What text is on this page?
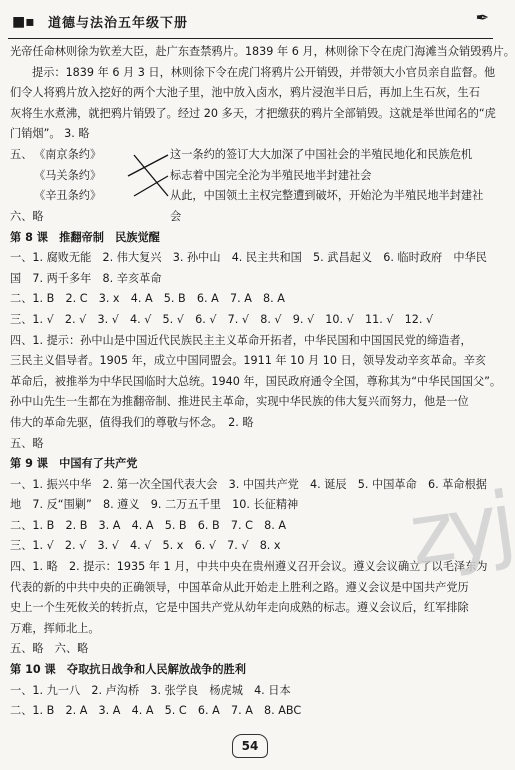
■▪ 道德与法治五年级下册	✒
光帝任命林则徐为钦差大臣，赴广东查禁鸦片。1839 年 6 月，林则徐下令在虎门海滩当众销毁鸦片。
提示：1839 年 6 月 3 日，林则徐下令在虎门将鸦片公开销毁，并带领大小官员亲自监督。他
们令人将鸦片放入挖好的两个大池子里，池中放入卤水，鸦片浸泡半日后，再加上生石灰，生石
灰将生水煮沸，就把鸦片销毁了。经过 20 多天，才把缴获的鸦片全部销毁。这就是举世闻名的“虎
门销烟”。 3. 略
五、 《南京条约》
《马关条约》
《辛丑条约》
这一条约的签订大大加深了中国社会的半殖民地化和民族危机
标志着中国完全沦为半殖民地半封建社会
从此，中国领土主权完整遭到破坏，开始沦为半殖民地半封建社会
六、略
第 8 课　推翻帝制　民族觉醒
一、1. 腐败无能　2. 伟大复兴　3. 孙中山　4. 民主共和国　5. 武昌起义　6. 临时政府　中华民
国　7. 两千多年　8. 辛亥革命
二、1. B　2. C　3. x　4. A　5. B　6. A　7. A　8. A
三、1. √　2. √　3. √　4. √　5. √　6. √　7. √　8. √　9. √　10. √　11. √　12. √
四、1. 提示：孙中山是中国近代民族民主主义革命开拓者，中华民国和中国国民党的缔造者，
三民主义倡导者。1905 年，成立中国同盟会。1911 年 10 月 10 日，领导发动辛亥革命。辛亥
革命后，被推举为中华民国临时大总统。1940 年，国民政府通令全国，尊称其为“中华民国国父”。
孙中山先生一生都在为推翻帝制、推进民主革命，实现中华民族的伟大复兴而努力，他是一位
伟大的革命先驱，值得我们的尊敬与怀念。　2. 略
五、略
第 9 课　中国有了共产党
一、1. 振兴中华　2. 第一次全国代表大会　3. 中国共产党　4. 诞辰　5. 中国革命　6. 革命根据
地　7. 反“围剿”　8. 遵义　9. 二万五千里　10. 长征精神
二、1. B　2. B　3. A　4. A　5. B　6. B　7. C　8. A
三、1. √　2. √　3. √　4. √　5. x　6. √　7. √　8. x
四、1. 略　2. 提示：1935 年 1 月，中共中央在贵州遵义召开会议。遵义会议确立了以毛泽东为
代表的新的中共中央的正确领导，中国革命从此开始走上胜利之路。遵义会议是中国共产党历
史上一个生死攸关的转折点，它是中国共产党从幼年走向成熟的标志。遵义会议后，红军排除
万难，挥师北上。
五、略　六、略
第 10 课　夺取抗日战争和人民解放战争的胜利
一、1. 九一八　2. 卢沟桥　3. 张学良　杨虎城　4. 日本
二、1. B　2. A　3. A　4. A　5. C　6. A　7. A　8. ABC
zyj
54
